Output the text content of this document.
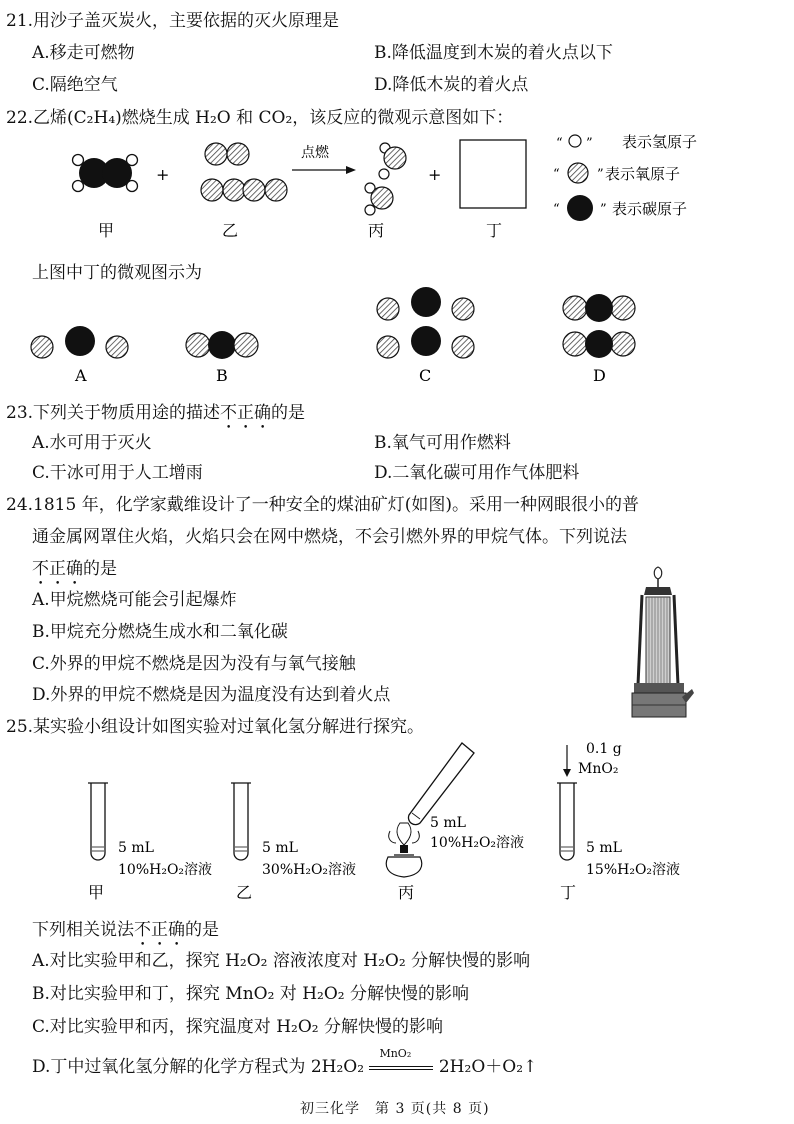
21.用沙子盖灭炭火，主要依据的灭火原理是
A.移走可燃物	B.降低温度到木炭的着火点以下
C.隔绝空气	D.降低木炭的着火点
22.乙烯(C₂H₄)燃烧生成 H₂O 和 CO₂，该反应的微观示意图如下：
+
点燃
+
甲	乙	丙	丁
“ ” 表示氢原子
“	” 表示氧原子
“	” 表示碳原子
上图中丁的微观图示为
A	B	C	D
23.下列关于物质用途的描述不正确的是
A.水可用于灭火	B.氧气可用作燃料
C.干冰可用于人工增雨	D.二氧化碳可用作气体肥料
24.1815 年，化学家戴维设计了一种安全的煤油矿灯(如图)。采用一种网眼很小的普
通金属网罩住火焰，火焰只会在网中燃烧，不会引燃外界的甲烷气体。下列说法
不正确的是
A.甲烷燃烧可能会引起爆炸
B.甲烷充分燃烧生成水和二氧化碳
C.外界的甲烷不燃烧是因为没有与氧气接触
D.外界的甲烷不燃烧是因为温度没有达到着火点
25.某实验小组设计如图实验对过氧化氢分解进行探究。
5 mL
10%H₂O₂溶液
甲
5 mL
30%H₂O₂溶液
乙
5 mL
10%H₂O₂溶液
丙
0.1 g
MnO₂
5 mL
15%H₂O₂溶液
丁
下列相关说法不正确的是
A.对比实验甲和乙，探究 H₂O₂ 溶液浓度对 H₂O₂ 分解快慢的影响
B.对比实验甲和丁，探究 MnO₂ 对 H₂O₂ 分解快慢的影响
C.对比实验甲和丙，探究温度对 H₂O₂ 分解快慢的影响
D.丁中过氧化氢分解的化学方程式为 2H₂O₂
MnO₂
2H₂O＋O₂↑
初三化学　第 3 页(共 8 页)
